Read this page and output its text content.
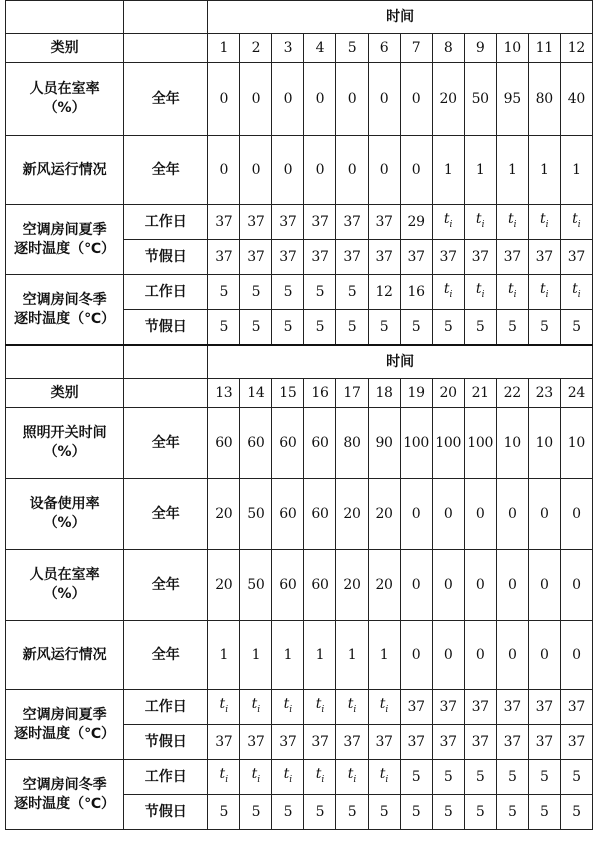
		时间											
类别		1	2	3	4	5	6	7	8	9	10	11	12

人员在室率
（%）	全年	0	0	0	0	0	0	0	20	50	95	80	40

新风运行情况	全年	0	0	0	0	0	0	0	1	1	1	1	1

空调房间夏季
逐时温度（℃）	工作日	37	37	37	37	37	37	29	$t_i$	$t_i$	$t_i$	$t_i$	$t_i$
	节假日	37	37	37	37	37	37	37	37	37	37	37	37

空调房间冬季
逐时温度（℃）	工作日	5	5	5	5	5	12	16	$t_i$	$t_i$	$t_i$	$t_i$	$t_i$
	节假日	5	5	5	5	5	5	5	5	5	5	5	5
		时间											
类别		13	14	15	16	17	18	19	20	21	22	23	24

照明开关时间
（%）	全年	60	60	60	60	80	90	100	100	100	10	10	10

设备使用率
（%）	全年	20	50	60	60	20	20	0	0	0	0	0	0

人员在室率
（%）	全年	20	50	60	60	20	20	0	0	0	0	0	0

新风运行情况	全年	1	1	1	1	1	1	0	0	0	0	0	0

空调房间夏季
逐时温度（℃）	工作日	$t_i$	$t_i$	$t_i$	$t_i$	$t_i$	$t_i$	37	37	37	37	37	37
	节假日	37	37	37	37	37	37	37	37	37	37	37	37

空调房间冬季
逐时温度（℃）	工作日	$t_i$	$t_i$	$t_i$	$t_i$	$t_i$	$t_i$	5	5	5	5	5	5
	节假日	5	5	5	5	5	5	5	5	5	5	5	5
